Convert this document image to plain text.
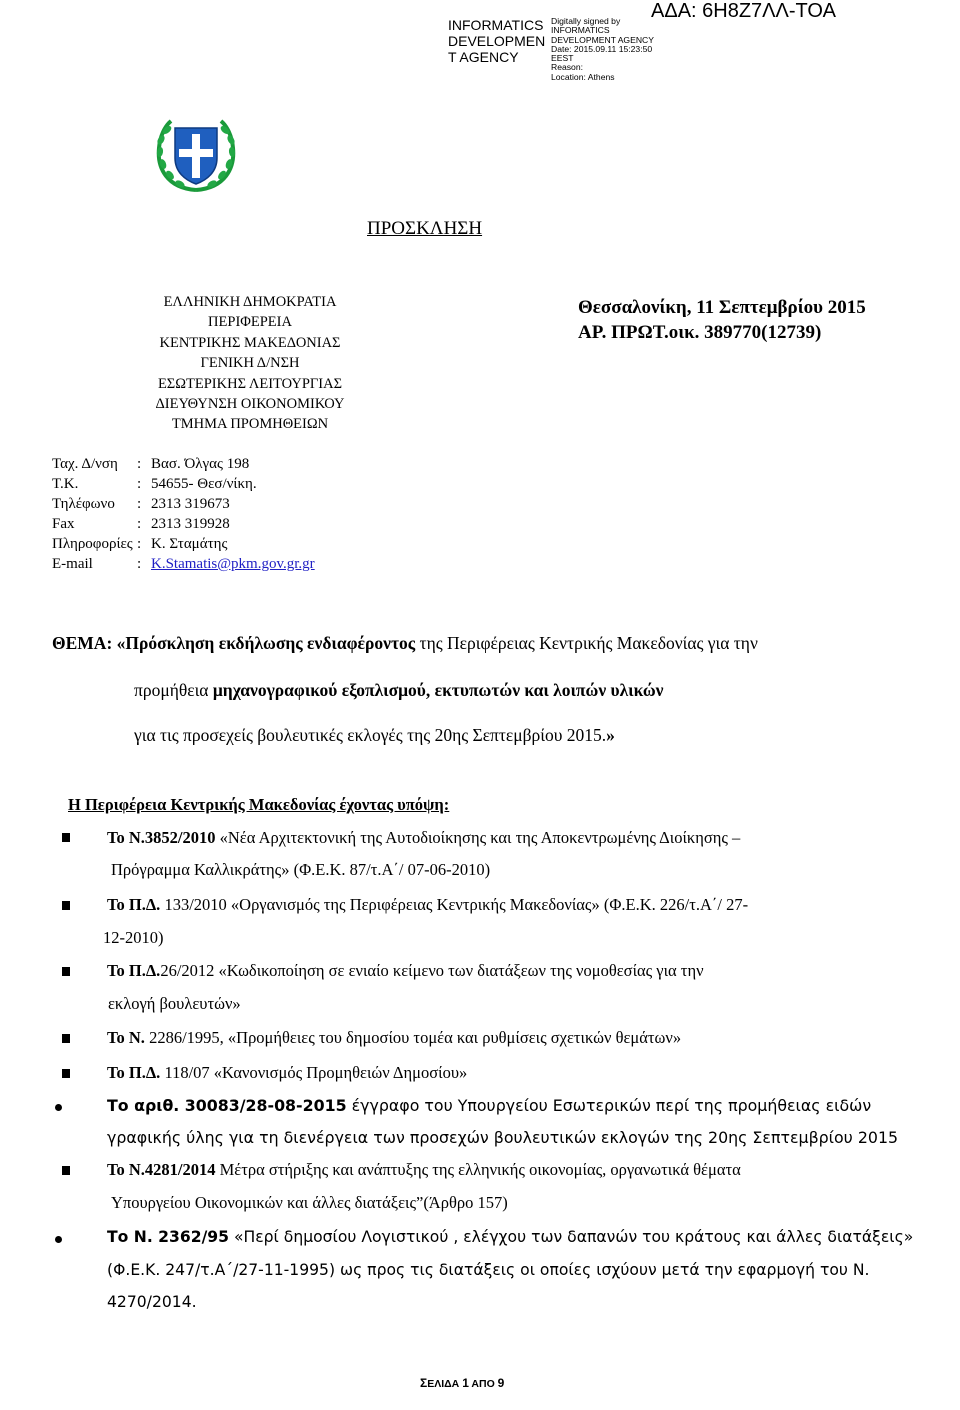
INFORMATICS DEVELOPMEN T AGENCY
Digitally signed by
INFORMATICS
DEVELOPMENT AGENCY
Date: 2015.09.11 15:23:50
EEST
Reason:
Location: Athens
ΑΔΑ: 6Η8Ζ7ΛΛ-ΤΟΑ
ΠΡΟΣΚΛΗΣΗ
ΕΛΛΗΝΙΚΗ ΔΗΜΟΚΡΑΤΙΑ
ΠΕΡΙΦΕΡΕΙΑ
ΚΕΝΤΡΙΚΗΣ ΜΑΚΕΔΟΝΙΑΣ
ΓΕΝΙΚΗ Δ/ΝΣΗ
ΕΣΩΤΕΡΙΚΗΣ ΛΕΙΤΟΥΡΓΙΑΣ
ΔΙΕΥΘΥΝΣΗ ΟΙΚΟΝΟΜΙΚΟΥ
ΤΜΗΜΑ ΠΡΟΜΗΘΕΙΩΝ
Θεσσαλονίκη, 11 Σεπτεμβρίου 2015
ΑΡ. ΠΡΩΤ.οικ. 389770(12739)
Ταχ. Δ/νση	: Βασ. Όλγας 198
Τ.Κ.	: 54655- Θεσ/νίκη.
Τηλέφωνο	: 2313 319673
Fax	: 2313 319928
Πληροφορίες : Κ. Σταμάτης
E-mail	: K.Stamatis@pkm.gov.gr.gr
ΘΕΜΑ: «Πρόσκληση εκδήλωσης ενδιαφέροντος της Περιφέρειας Κεντρικής Μακεδονίας για την
προμήθεια μηχανογραφικού εξοπλισμού, εκτυπωτών και λοιπών υλικών
για τις προσεχείς βουλευτικές εκλογές της 20ης Σεπτεμβρίου 2015.»
Η Περιφέρεια Κεντρικής Μακεδονίας έχοντας υπόψη:
Το Ν.3852/2010 «Νέα Αρχιτεκτονική της Αυτοδιοίκησης και της Αποκεντρωμένης Διοίκησης –
Πρόγραμμα Καλλικράτης» (Φ.Ε.Κ. 87/τ.Α΄/ 07-06-2010)
Το Π.Δ. 133/2010 «Οργανισμός της Περιφέρειας Κεντρικής Μακεδονίας» (Φ.Ε.Κ. 226/τ.Α΄/ 27-
12-2010)
Το Π.Δ.26/2012 «Κωδικοποίηση σε ενιαίο κείμενο των διατάξεων της νομοθεσίας για την
εκλογή βουλευτών»
Το Ν. 2286/1995, «Προμήθειες του δημοσίου τομέα και ρυθμίσεις σχετικών θεμάτων»
Το Π.Δ. 118/07 «Κανονισμός Προμηθειών Δημοσίου»
Το αριθ. 30083/28-08-2015 έγγραφο του Υπουργείου Εσωτερικών περί της προμήθειας ειδών
γραφικής ύλης για τη διενέργεια των προσεχών βουλευτικών εκλογών της 20ης Σεπτεμβρίου 2015
Το Ν.4281/2014 Μέτρα στήριξης και ανάπτυξης της ελληνικής οικονομίας, οργανωτικά θέματα
Υπουργείου Οικονομικών και άλλες διατάξεις”(Άρθρο 157)
Το Ν. 2362/95 «Περί δημοσίου Λογιστικού , ελέγχου των δαπανών του κράτους και άλλες διατάξεις»
(Φ.Ε.Κ. 247/τ.Α΄/27-11-1995) ως προς τις διατάξεις οι οποίες ισχύουν μετά την εφαρμογή του Ν.
4270/2014.
ΣΕΛΙΔΑ 1 ΑΠΟ 9
